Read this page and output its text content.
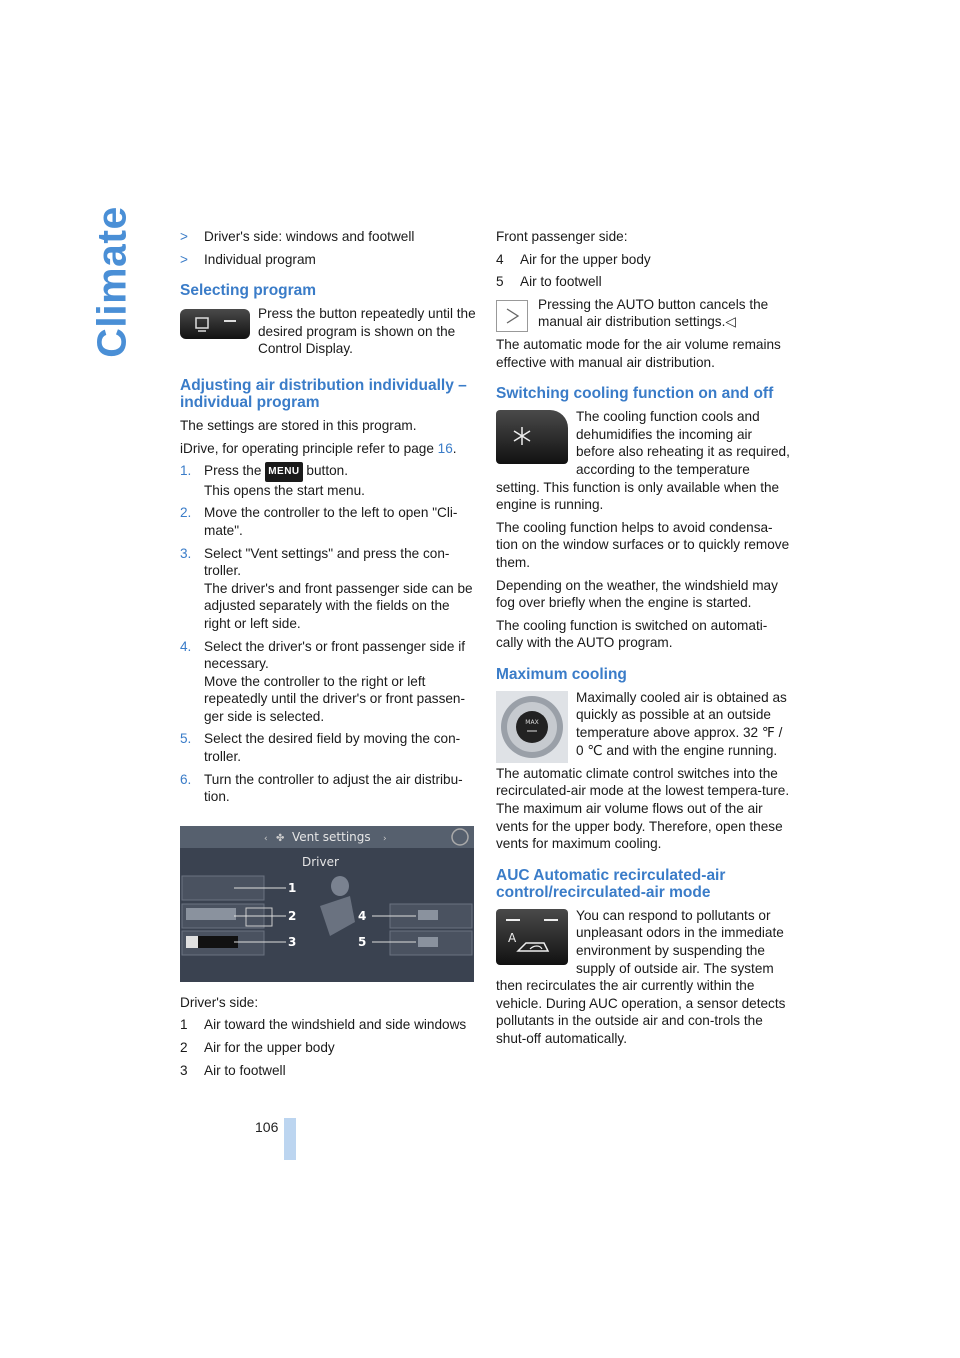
Climate	> Driver's side: windows and footwell
> Individual program
Selecting program

Press the button repeatedly until the desired program is shown on the Control Display.

Adjusting air distribution individually – individual program

The settings are stored in this program.

iDrive, for operating principle refer to page 16.

1. Press the MENU button.
This opens the start menu.
2. Move the controller to the left to open "Cli-mate".
3. Select "Vent settings" and press the con-troller.
The driver's and front passenger side can be adjusted separately with the fields on the right or left side.
4. Select the driver's or front passenger side if necessary.
Move the controller to the right or left repeatedly until the driver's or front passen-ger side is selected.
5. Select the desired field by moving the con-troller.
6. Turn the controller to adjust the air distribu-tion.
‹ ✤ Vent settings ›
Driver
1
2
3
4
5

Driver's side:

1 Air toward the windshield and side windows
2 Air for the upper body
3 Air to footwell

Front passenger side:

4 Air for the upper body
5 Air to footwell

Pressing the AUTO button cancels the manual air distribution settings.◁

The automatic mode for the air volume remains effective with manual air distribution.

Switching cooling function on and off

The cooling function cools and dehumidifies the incoming air before also reheating it as required, according to the temperature setting. This function is only available when the engine is running.

The cooling function helps to avoid condensa-tion on the window surfaces or to quickly remove them.

Depending on the weather, the windshield may fog over briefly when the engine is started.

The cooling function is switched on automati-cally with the AUTO program.

Maximum cooling
MAX

Maximally cooled air is obtained as quickly as possible at an outside temperature above approx. 32 ℉ / 0 ℃ and with the engine running.

The automatic climate control switches into the recirculated-air mode at the lowest tempera-ture. The maximum air volume flows out of the air vents for the upper body. Therefore, open these vents for maximum cooling.

AUC Automatic recirculated-air control/recirculated-air mode
A

You can respond to pollutants or unpleasant odors in the immediate environment by suspending the supply of outside air. The system then recirculates the air currently within the vehicle. During AUC operation, a sensor detects pollutants in the outside air and con-trols the shut-off automatically.

106
